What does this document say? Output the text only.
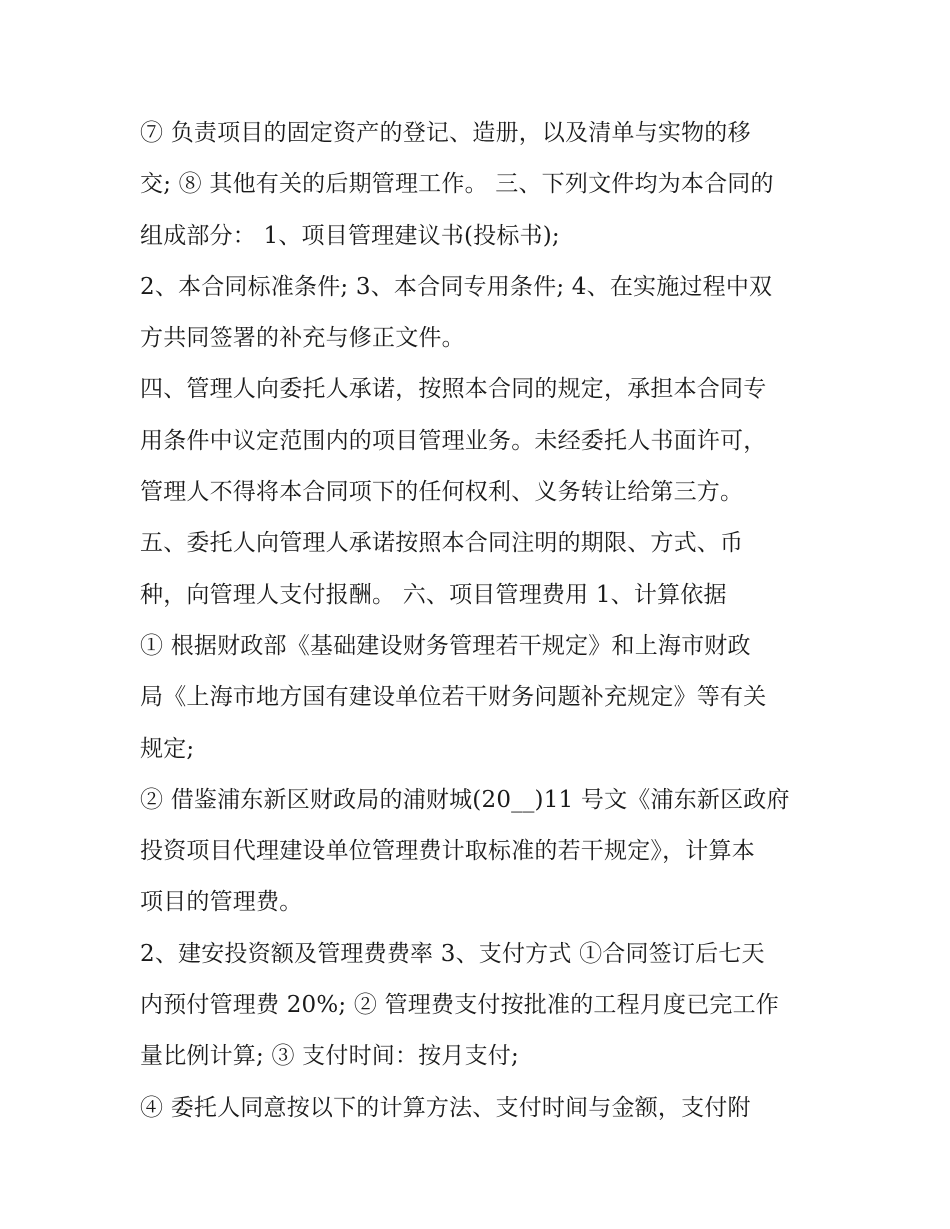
⑦ 负责项目的固定资产的登记、造册，以及清单与实物的移
交; ⑧ 其他有关的后期管理工作。 三、下列文件均为本合同的
组成部分： 1、项目管理建议书(投标书);
2、本合同标准条件; 3、本合同专用条件; 4、在实施过程中双
方共同签署的补充与修正文件。
四、管理人向委托人承诺，按照本合同的规定，承担本合同专
用条件中议定范围内的项目管理业务。未经委托人书面许可，
管理人不得将本合同项下的任何权利、义务转让给第三方。
五、委托人向管理人承诺按照本合同注明的期限、方式、币
种，向管理人支付报酬。 六、项目管理费用 1、计算依据
① 根据财政部《基础建设财务管理若干规定》和上海市财政
局《上海市地方国有建设单位若干财务问题补充规定》等有关
规定;
② 借鉴浦东新区财政局的浦财城(20__)11 号文《浦东新区政府
投资项目代理建设单位管理费计取标准的若干规定》，计算本
项目的管理费。
2、建安投资额及管理费费率 3、支付方式 ①合同签订后七天
内预付管理费 20%; ② 管理费支付按批准的工程月度已完工作
量比例计算; ③ 支付时间：按月支付;
④ 委托人同意按以下的计算方法、支付时间与金额，支付附
